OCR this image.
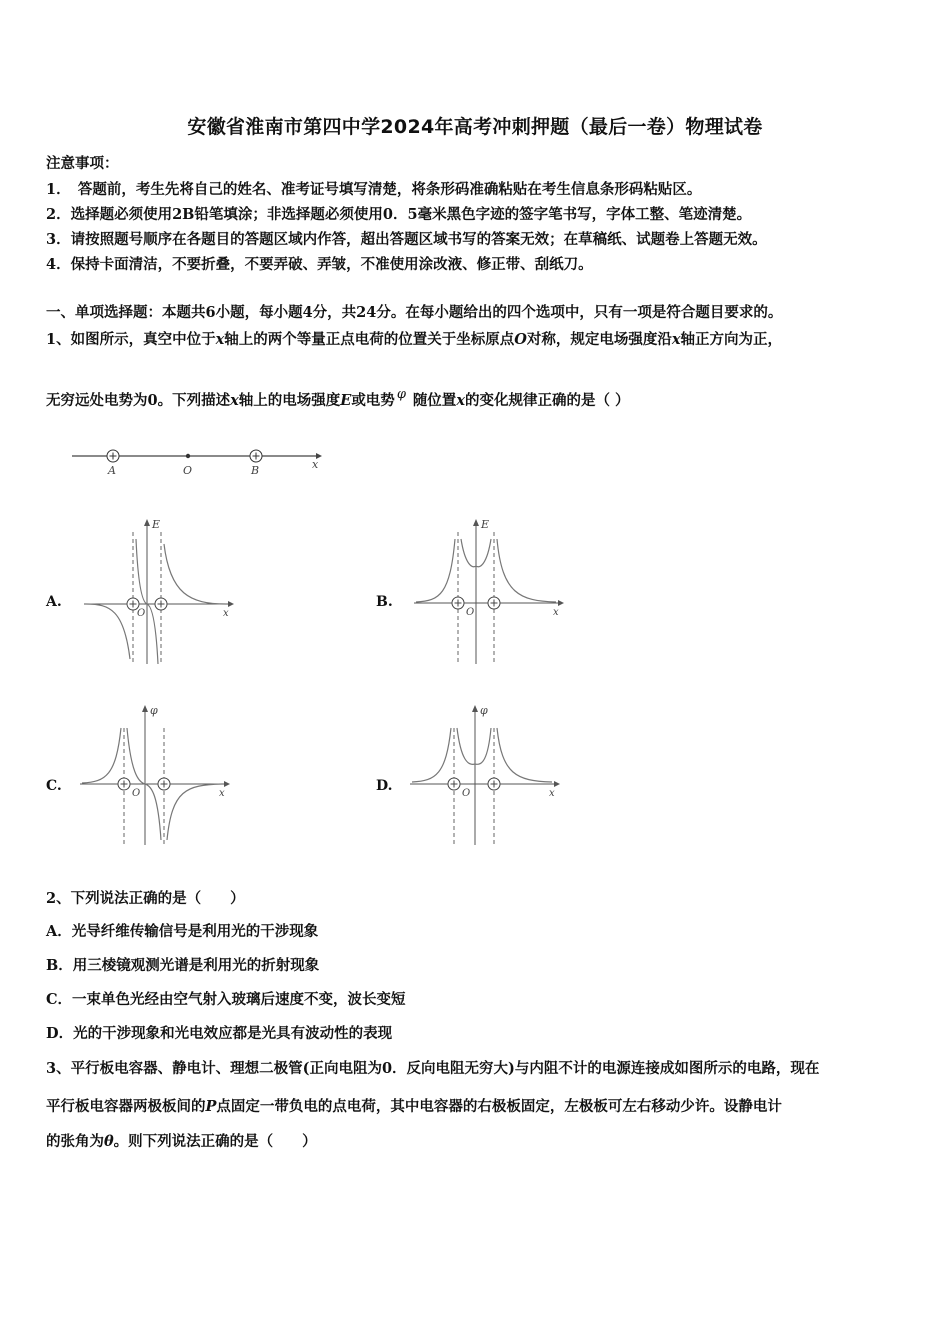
安徽省淮南市第四中学2024年高考冲刺押题（最后一卷）物理试卷
注意事项：
1．　答题前，考生先将自己的姓名、准考证号填写清楚，将条形码准确粘贴在考生信息条形码粘贴区。
2．选择题必须使用2B铅笔填涂；非选择题必须使用0．5毫米黑色字迹的签字笔书写，字体工整、笔迹清楚。
3．请按照题号顺序在各题目的答题区域内作答，超出答题区域书写的答案无效；在草稿纸、试题卷上答题无效。
4．保持卡面清洁，不要折叠，不要弄破、弄皱，不准使用涂改液、修正带、刮纸刀。
一、单项选择题：本题共6小题，每小题4分，共24分。在每小题给出的四个选项中，只有一项是符合题目要求的。
1、如图所示，真空中位于x轴上的两个等量正点电荷的位置关于坐标原点O对称，规定电场强度沿x轴正方向为正，
无穷远处电势为0。下列描述x轴上的电场强度E或电势 φ 随位置x的变化规律正确的是（ ）
A	O	B	x
A.
E
O	x
B.
E
O	x
C.
φ
O	x	D.
φ
O	x
2、下列说法正确的是（　　）
A．光导纤维传输信号是利用光的干涉现象
B．用三棱镜观测光谱是利用光的折射现象
C．一束单色光经由空气射入玻璃后速度不变，波长变短
D．光的干涉现象和光电效应都是光具有波动性的表现
3、平行板电容器、静电计、理想二极管(正向电阻为0．反向电阻无穷大)与内阻不计的电源连接成如图所示的电路，现在
平行板电容器两极板间的P点固定一带负电的点电荷，其中电容器的右极板固定，左极板可左右移动少许。设静电计
的张角为θ。则下列说法正确的是（　　）
